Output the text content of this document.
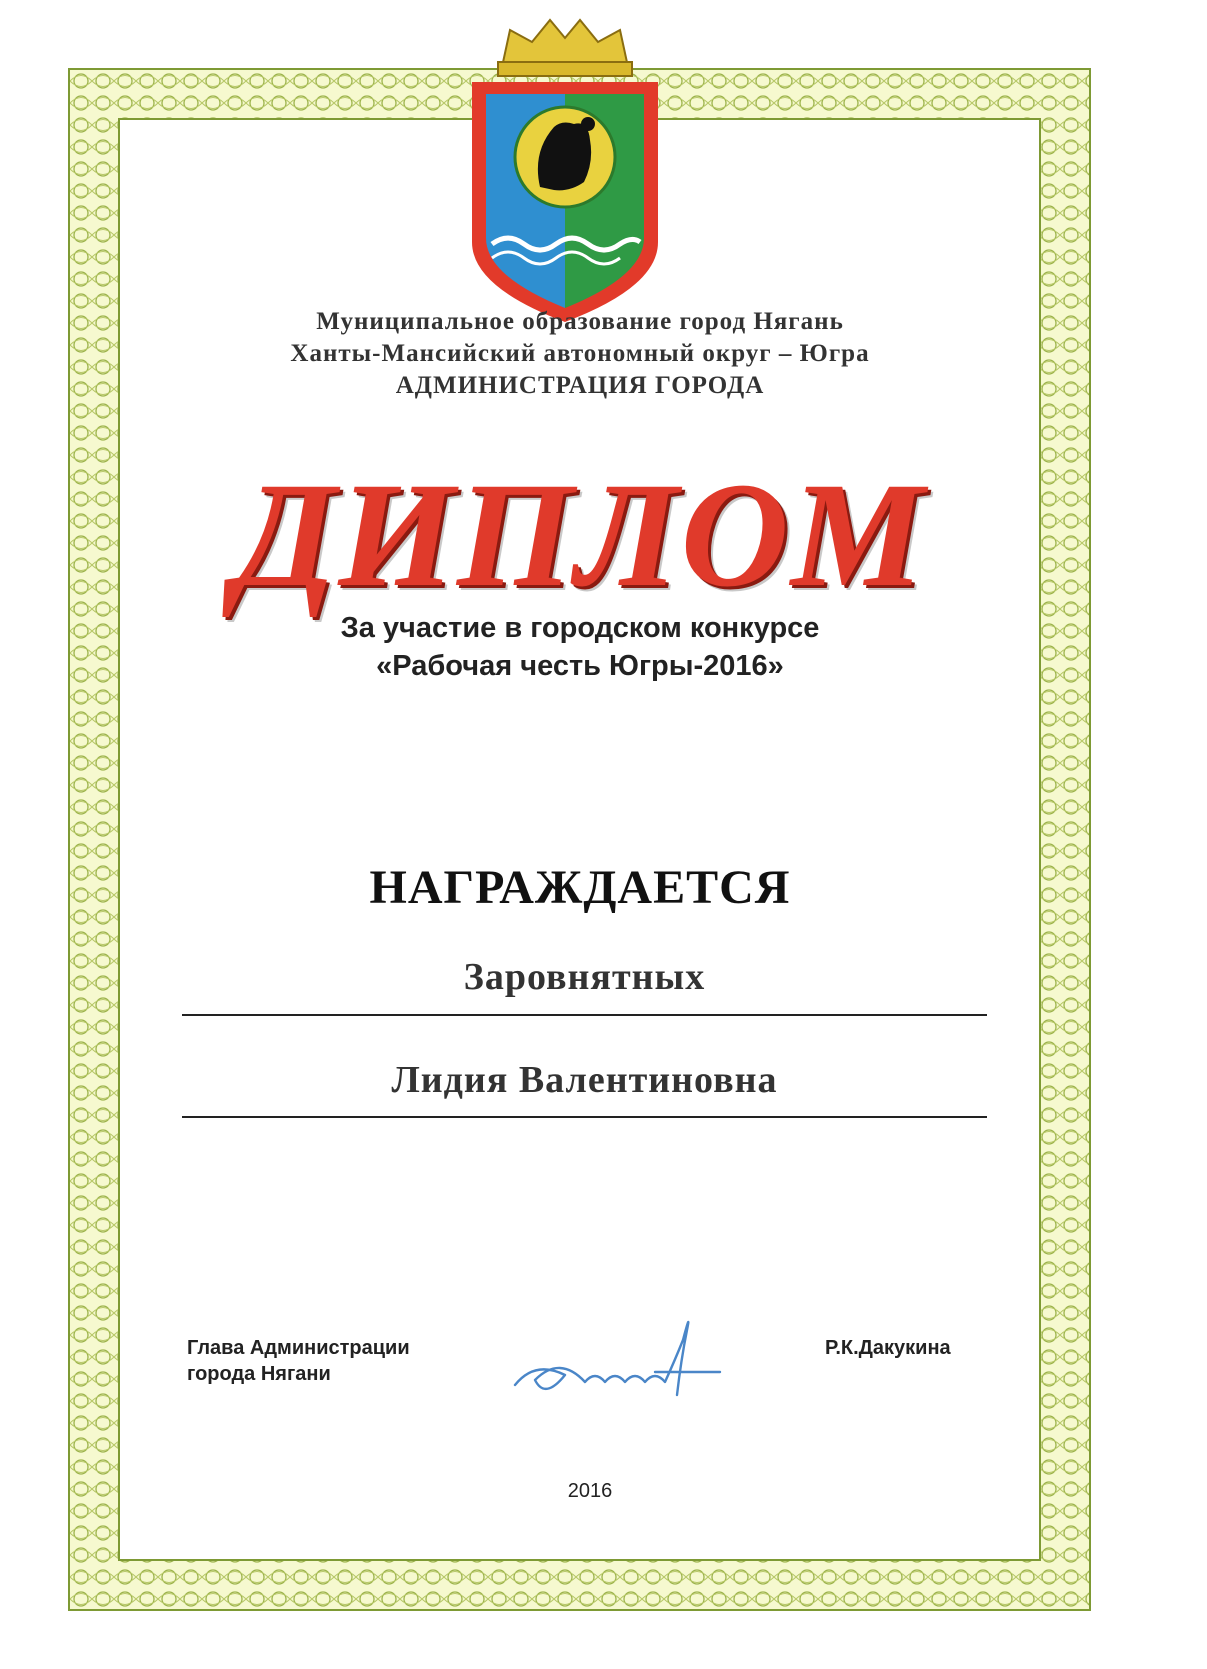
Муниципальное образование город Нягань

Ханты-Мансийский автономный округ – Югра

АДМИНИСТРАЦИЯ ГОРОДА

ДИПЛОМ

За участие в городском конкурсе

«Рабочая честь Югры-2016»

НАГРАЖДАЕТСЯ

Заровнятных
Лидия Валентиновна
Глава Администрации
города Нягани
Р.К.Дакукина
2016
